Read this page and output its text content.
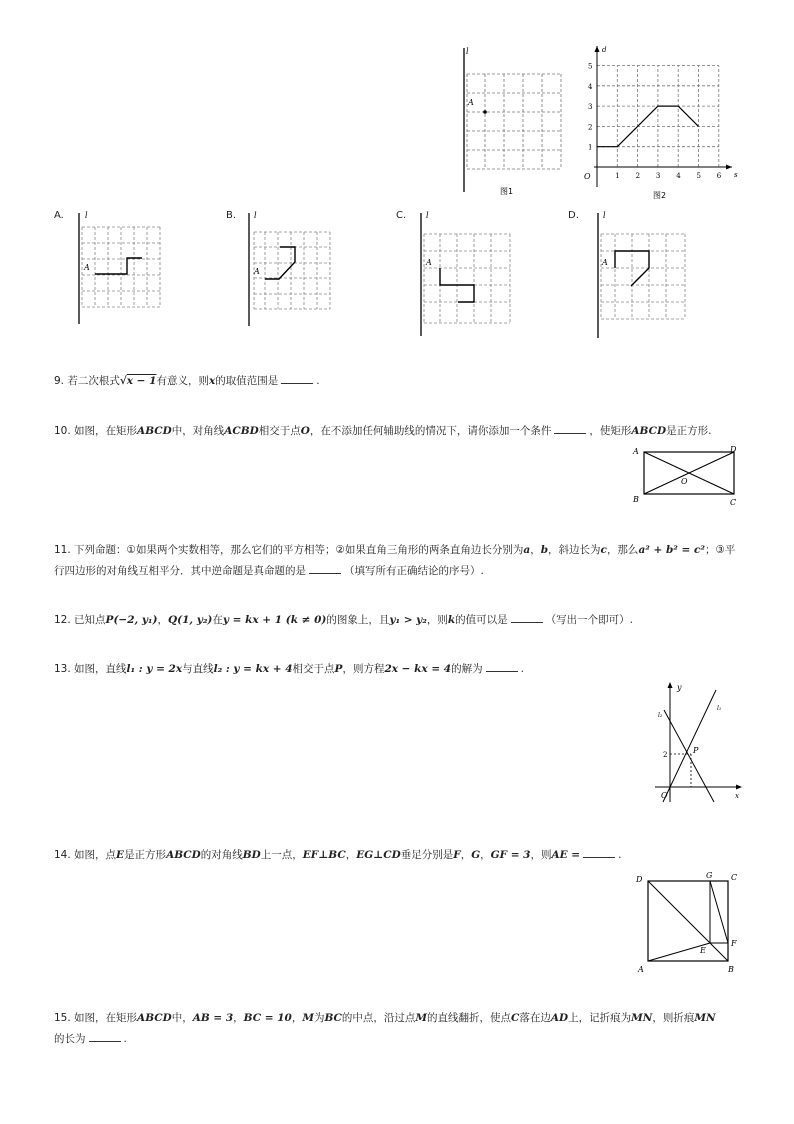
l
A
图1
1 2 3 4 5 6
1
2
3
4
5
s
d
O
图2
A.	l
A
B. l
A
C. l
A
D.	l
A
9. 若二次根式√x − 1有意义，则x的取值范围是	.
10. 如图，在矩形ABCD中，对角线ACBD相交于点O，在不添加任何辅助线的情况下，请你添加一个条件	，使矩形ABCD是正方形.
A
B	C
D
O
11. 下列命题：①如果两个实数相等，那么它们的平方相等；②如果直角三角形的两条直角边长分别为a，b，斜边长为c，那么a² + b² = c²；③平
行四边形的对角线互相平分．其中逆命题是真命题的是	（填写所有正确结论的序号）.
12. 已知点P(−2, y₁)，Q(1, y₂)在y = kx + 1 (k ≠ 0)的图象上，且y₁ > y₂，则k的值可以是	（写出一个即可）.
13. 如图，直线l₁ : y = 2x与直线l₂ : y = kx + 4相交于点P，则方程2x − kx = 4的解为	.
y
x
O
P
2
l₁
l₂
14. 如图，点E是正方形ABCD的对角线BD上一点，EF⊥BC，EG⊥CD垂足分别是F，G，GF = 3，则AE =	.
D
A	B
C
G
E
F
15. 如图，在矩形ABCD中，AB = 3，BC = 10，M为BC的中点，沿过点M的直线翻折，使点C落在边AD上，记折痕为MN，则折痕MN
的长为	.
